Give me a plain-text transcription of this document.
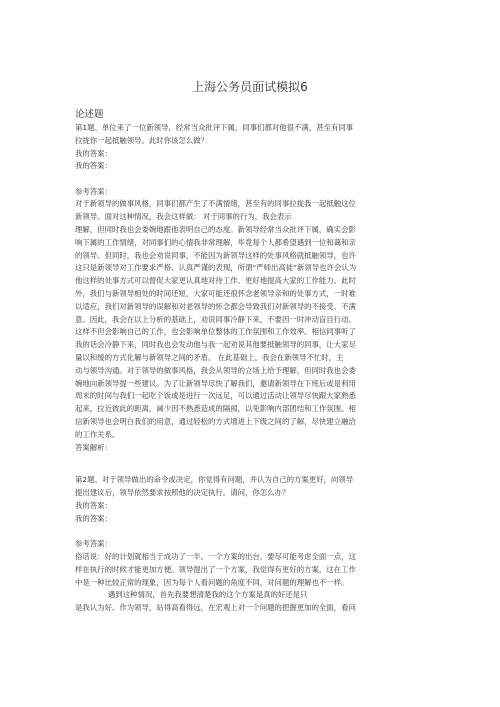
上海公务员面试模拟6
论述题
第1题、单位来了一位新领导，经常当众批评下属，同事们都对他很不满，甚至有同事
拉拢你一起抵触领导。此时你该怎么做？
我的答案：
我的答案：
参考答案：
对于新领导的做事风格，同事们都产生了不满情绪，甚至有的同事拉拢我一起抵触这位
新领导。面对这种情况，我会这样做： 对于同事的行为，我会表示
理解，但同时我也会委婉地跟他表明自己的态度。新领导经常当众批评下属，确实会影
响下属的工作情绪，对同事们的心情我非常理解，毕竟每个人都希望遇到一位和蔼和亲
的领导。但同时，我也会劝说同事，不能因为新领导这样的处事风格就抵触领导，也许
这只是新领导对工作要求严格、认真严谨的表现，所谓“严师出高徒”新领导也许会认为
他这样的处事方式可以督促大家更认真地对待工作、更好地提高大家的工作能力。此时
外，我们与新领导相处的时间还短，大家可能还很怀念老领导亲和的处事方式，一时难
以适应，我们对新领导的误解和对老领导的怀念都会导致我们对新领导的不接受、不满
意。因此，我会在以上分析的基础上，劝说同事冷静下来，不要因一时冲动盲目行动。
这样不但会影响自己的工作，也会影响单位整体的工作氛围和工作效率。相信同事听了
我的话会冷静下来，同时我也会发动他与我一起劝说其他要抵触领导的同事，让大家尽
量以和缓的方式化解与新领导之间的矛盾。 在此基础上，我会在新领导不忙时，主
动与领导沟通。对于领导的做事风格，我会从领导的立场上给予理解，但同时我也会委
婉地向新领导提一些建议。为了让新领导尽快了解我们，邀请新领导在下班后或是利用
周末的时间与我们一起吃个饭或是进行一次远足，可以通过活动让领导尽快跟大家熟悉
起来，拉近彼此的距离，减少因不熟悉造成的隔阂，以免影响内部团结和工作氛围。相
信新领导也会明白我们的用意，通过轻松的方式增进上下级之间的了解，尽快建立融洽
的工作关系。
答案解析：
第2题、对于领导做出的命令或决定，你觉得有问题，并认为自己的方案更好，向领导
提出建议后，领导依然要求按照他的决定执行。请问，你怎么办？
我的答案：
我的答案：
参考答案：
俗话说：好的计划就相当于成功了一半。一个方案的出台，要尽可能考虑全面一点，这
样在执行的时候才能更加方便。领导提出了一个方案，我觉得有更好的方案，这在工作
中是一种比较正常的现象，因为每个人看问题的角度不同，对问题的理解也不一样。
遇到这种情况，首先我要想清楚我的这个方案是真的好还是只
是我认为好。作为领导，站得高看得远，在宏观上对一个问题的把握更加的全面，看问
